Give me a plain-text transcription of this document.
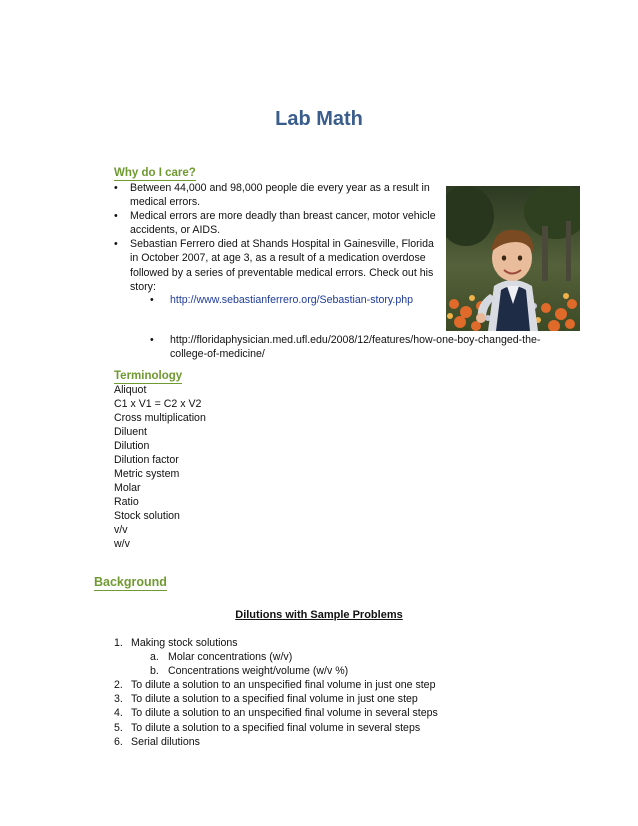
Lab Math
Why do I care?
• Between 44,000 and 98,000 people die every year as a result in medical errors.
• Medical errors are more deadly than breast cancer, motor vehicle accidents, or AIDS.
• Sebastian Ferrero died at Shands Hospital in Gainesville, Florida in October 2007, at age 3, as a result of a medication overdose followed by a series of preventable medical errors. Check out his story:
•	http://www.sebastianferrero.org/Sebastian-story.php
•	http://floridaphysician.med.ufl.edu/2008/12/features/how-one-boy-changed-the-college-of-medicine/
Terminology
Aliquot
C1 x V1 = C2 x V2
Cross multiplication
Diluent
Dilution
Dilution factor
Metric system
Molar
Ratio
Stock solution
v/v
w/v
Background
Dilutions with Sample Problems
1. Making stock solutions
a. Molar concentrations (w/v)
b. Concentrations weight/volume (w/v %)
2. To dilute a solution to an unspecified final volume in just one step
3. To dilute a solution to a specified final volume in just one step
4. To dilute a solution to an unspecified final volume in several steps
5. To dilute a solution to a specified final volume in several steps
6. Serial dilutions
